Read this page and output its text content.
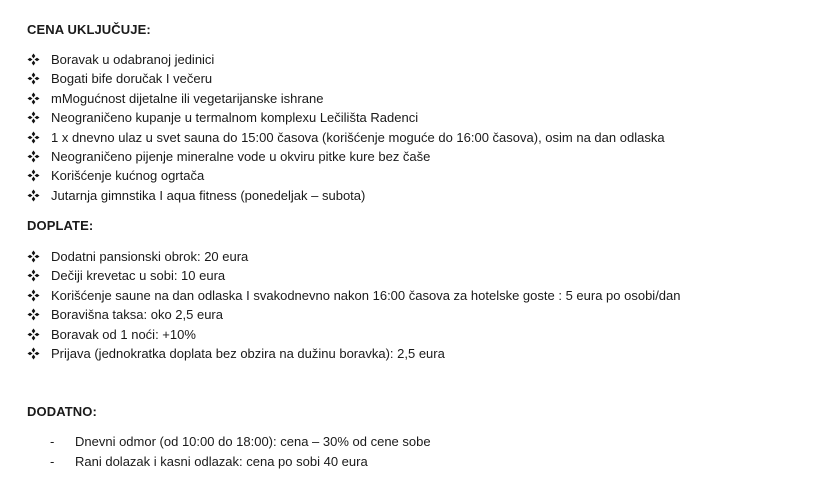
CENA UKLJUČUJE:
Boravak u odabranoj jedinici
Bogati bife doručak I večeru
mMogućnost dijetalne ili vegetarijanske ishrane
Neograničeno kupanje u termalnom komplexu Lečilišta Radenci
1 x dnevno ulaz u svet sauna do 15:00 časova (korišćenje moguće do 16:00 časova), osim na dan odlaska
Neograničeno pijenje mineralne vode u okviru pitke kure bez čaše
Korišćenje kućnog ogrtača
Jutarnja gimnstika I aqua fitness (ponedeljak – subota)
DOPLATE:
Dodatni pansionski obrok: 20 eura
Dečiji krevetac u sobi: 10 eura
Korišćenje saune na dan odlaska I svakodnevno nakon 16:00 časova za hotelske goste : 5 eura po osobi/dan
Boravišna taksa: oko 2,5 eura
Boravak od 1 noći: +10%
Prijava (jednokratka doplata bez obzira na dužinu boravka): 2,5 eura
DODATNO:
- Dnevni odmor (od 10:00 do 18:00): cena – 30% od cene sobe
- Rani dolazak i kasni odlazak: cena po sobi 40 eura
